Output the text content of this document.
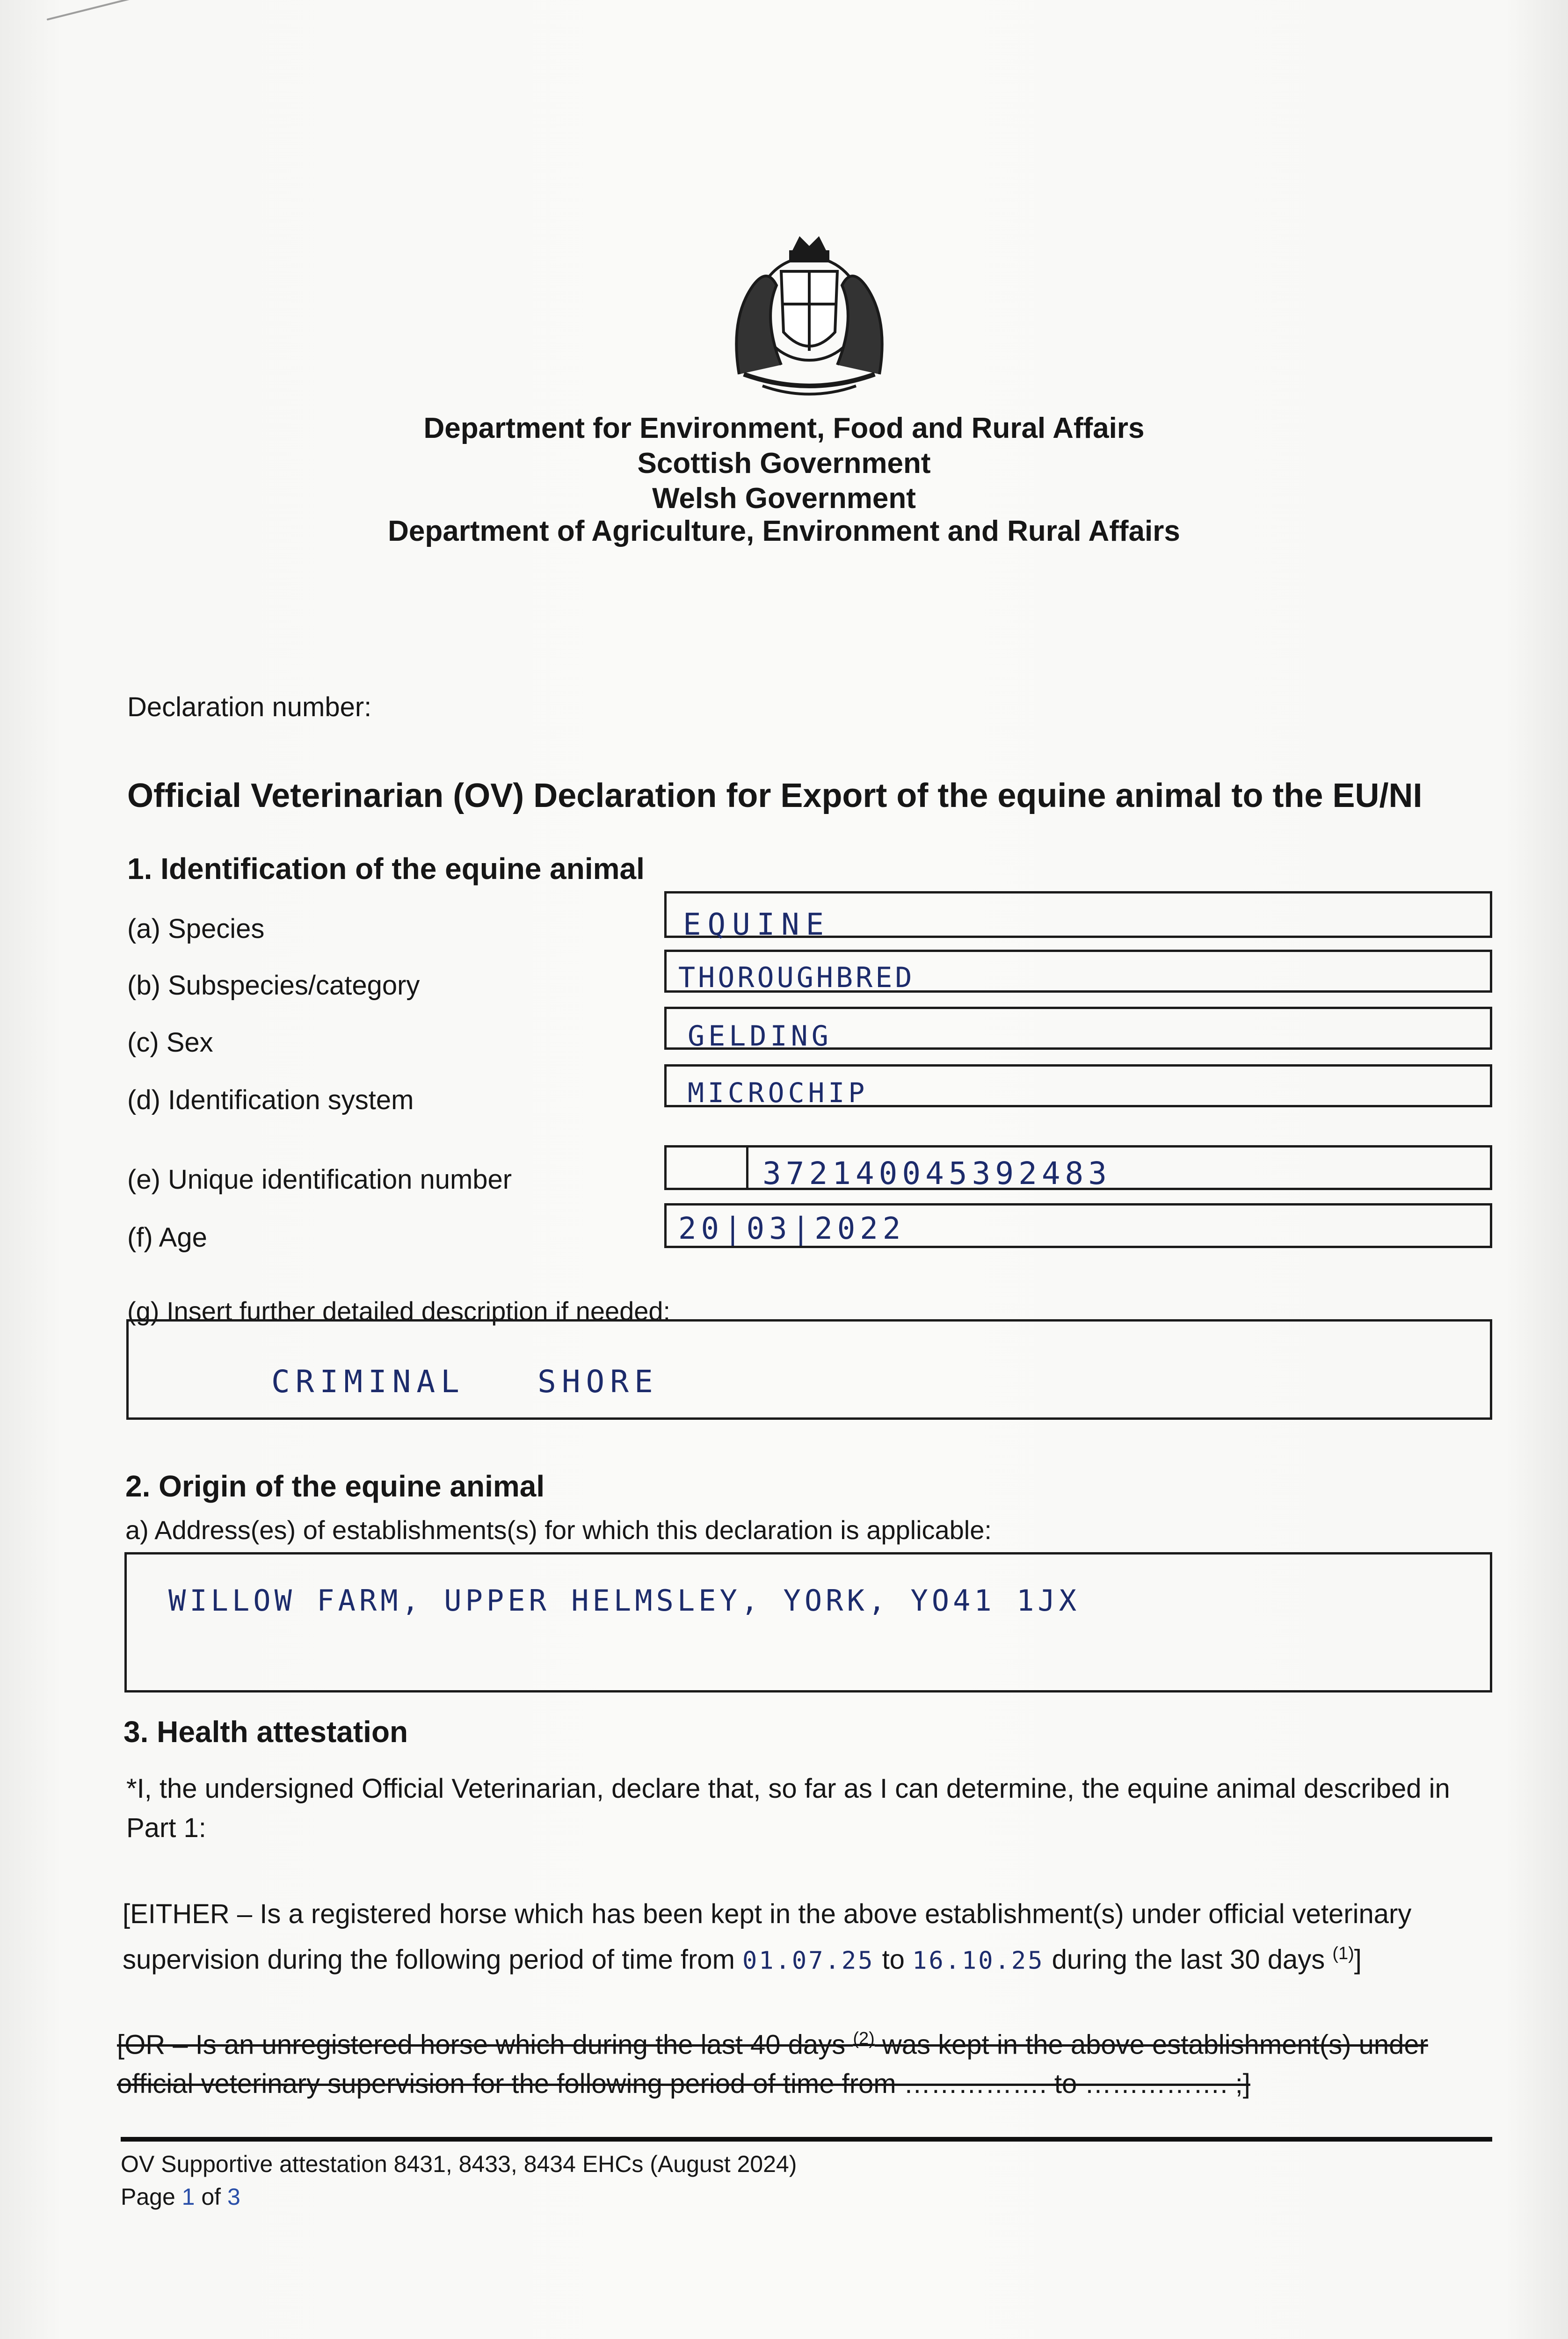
Department for Environment, Food and Rural Affairs
Scottish Government
Welsh Government
Department of Agriculture, Environment and Rural Affairs
Declaration number:
Official Veterinarian (OV) Declaration for Export of the equine animal to the EU/NI
1. Identification of the equine animal
(a) Species	EQUINE
(b) Subspecies/category	THOROUGHBRED
(c) Sex	GELDING
(d) Identification system	MICROCHIP
(e) Unique identification number	372140045392483
(f) Age	20|03|2022
(g) Insert further detailed description if needed:
CRIMINAL   SHORE
2. Origin of the equine animal
a) Address(es) of establishments(s) for which this declaration is applicable:
WILLOW FARM, UPPER HELMSLEY, YORK, YO41 1JX
3. Health attestation
*I, the undersigned Official Veterinarian, declare that, so far as I can determine, the equine animal described in Part 1:
[EITHER – Is a registered horse which has been kept in the above establishment(s) under official veterinary supervision during the following period of time from 01.07.25 to 16.10.25 during the last 30 days $^{(1)}$]
[OR – Is an unregistered horse which during the last 40 days $^{(2)}$ was kept in the above establishment(s) under official veterinary supervision for the following period of time from ……………. to ……………. ;]
OV Supportive attestation 8431, 8433, 8434 EHCs (August 2024)
Page 1 of 3
